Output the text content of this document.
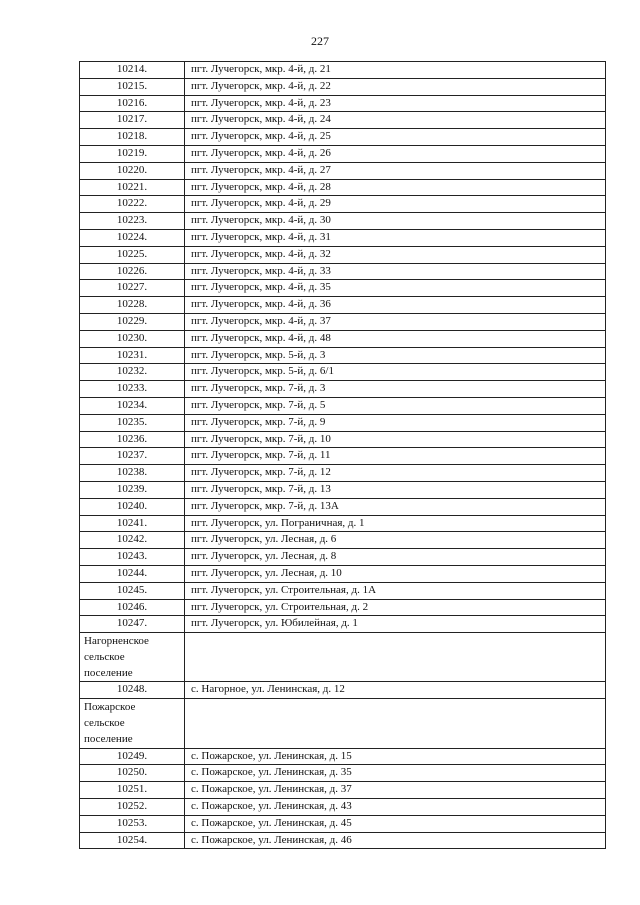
227
10214.	пгт. Лучегорск, мкр. 4-й, д. 21
10215.	пгт. Лучегорск, мкр. 4-й, д. 22
10216.	пгт. Лучегорск, мкр. 4-й, д. 23
10217.	пгт. Лучегорск, мкр. 4-й, д. 24
10218.	пгт. Лучегорск, мкр. 4-й, д. 25
10219.	пгт. Лучегорск, мкр. 4-й, д. 26
10220.	пгт. Лучегорск, мкр. 4-й, д. 27
10221.	пгт. Лучегорск, мкр. 4-й, д. 28
10222.	пгт. Лучегорск, мкр. 4-й, д. 29
10223.	пгт. Лучегорск, мкр. 4-й, д. 30
10224.	пгт. Лучегорск, мкр. 4-й, д. 31
10225.	пгт. Лучегорск, мкр. 4-й, д. 32
10226.	пгт. Лучегорск, мкр. 4-й, д. 33
10227.	пгт. Лучегорск, мкр. 4-й, д. 35
10228.	пгт. Лучегорск, мкр. 4-й, д. 36
10229.	пгт. Лучегорск, мкр. 4-й, д. 37
10230.	пгт. Лучегорск, мкр. 4-й, д. 48
10231.	пгт. Лучегорск, мкр. 5-й, д. 3
10232.	пгт. Лучегорск, мкр. 5-й, д. 6/1
10233.	пгт. Лучегорск, мкр. 7-й, д. 3
10234.	пгт. Лучегорск, мкр. 7-й, д. 5
10235.	пгт. Лучегорск, мкр. 7-й, д. 9
10236.	пгт. Лучегорск, мкр. 7-й, д. 10
10237.	пгт. Лучегорск, мкр. 7-й, д. 11
10238.	пгт. Лучегорск, мкр. 7-й, д. 12
10239.	пгт. Лучегорск, мкр. 7-й, д. 13
10240.	пгт. Лучегорск, мкр. 7-й, д. 13А
10241.	пгт. Лучегорск, ул. Пограничная, д. 1
10242.	пгт. Лучегорск, ул. Лесная, д. 6
10243.	пгт. Лучегорск, ул. Лесная, д. 8
10244.	пгт. Лучегорск, ул. Лесная, д. 10
10245.	пгт. Лучегорск, ул. Строительная, д. 1А
10246.	пгт. Лучегорск, ул. Строительная, д. 2
10247.	пгт. Лучегорск, ул. Юбилейная, д. 1

Нагорненское
сельское
поселение	

10248.	с. Нагорное, ул. Ленинская, д. 12

Пожарское
сельское
поселение	

10249.	с. Пожарское, ул. Ленинская, д. 15
10250.	с. Пожарское, ул. Ленинская, д. 35
10251.	с. Пожарское, ул. Ленинская, д. 37
10252.	с. Пожарское, ул. Ленинская, д. 43
10253.	с. Пожарское, ул. Ленинская, д. 45
10254.	с. Пожарское, ул. Ленинская, д. 46
